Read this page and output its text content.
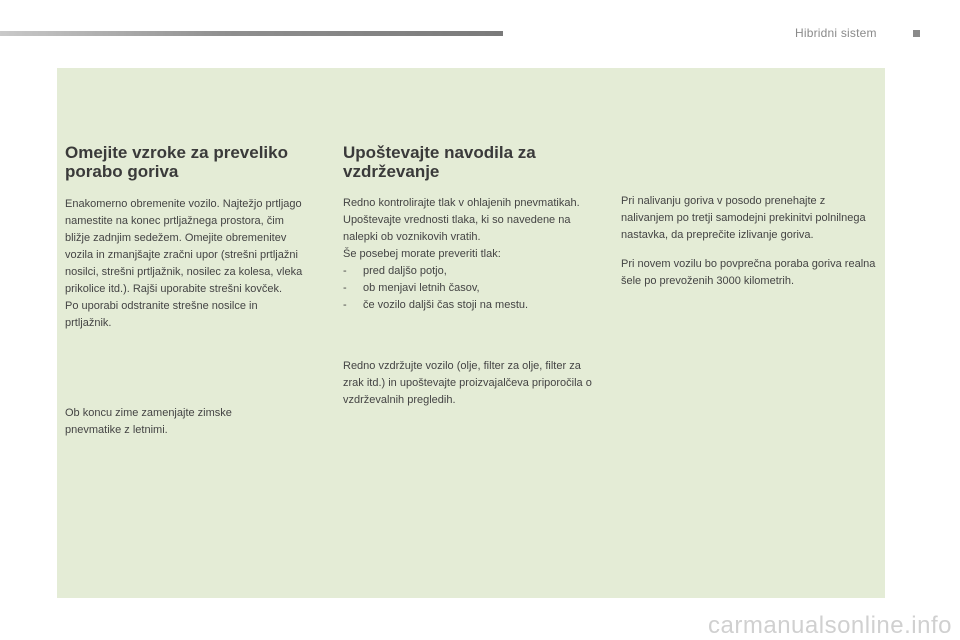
Hibridni sistem
Omejite vzroke za preveliko porabo goriva

Enakomerno obremenite vozilo. Najtežjo prtljago namestite na konec prtljažnega prostora, čim bližje zadnjim sedežem. Omejite obremenitev vozila in zmanjšajte zračni upor (strešni prtljažni nosilci, strešni prtljažnik, nosilec za kolesa, vleka prikolice itd.). Rajši uporabite strešni kovček.

Po uporabi odstranite strešne nosilce in prtljažnik.

Ob koncu zime zamenjajte zimske pnevmatike z letnimi.

Upoštevajte navodila za vzdrževanje

Redno kontrolirajte tlak v ohlajenih pnevmatikah. Upoštevajte vrednosti tlaka, ki so navedene na nalepki ob voznikovih vratih.

Še posebej morate preveriti tlak:

- pred daljšo potjo,
- ob menjavi letnih časov,
- če vozilo daljši čas stoji na mestu.

Redno vzdržujte vozilo (olje, filter za olje, filter za zrak itd.) in upoštevajte proizvajalčeva priporočila o vzdrževalnih pregledih.

Pri nalivanju goriva v posodo prenehajte z nalivanjem po tretji samodejni prekinitvi polnilnega nastavka, da preprečite izlivanje goriva.

Pri novem vozilu bo povprečna poraba goriva realna šele po prevoženih 3000 kilometrih.

carmanualsonline.info
